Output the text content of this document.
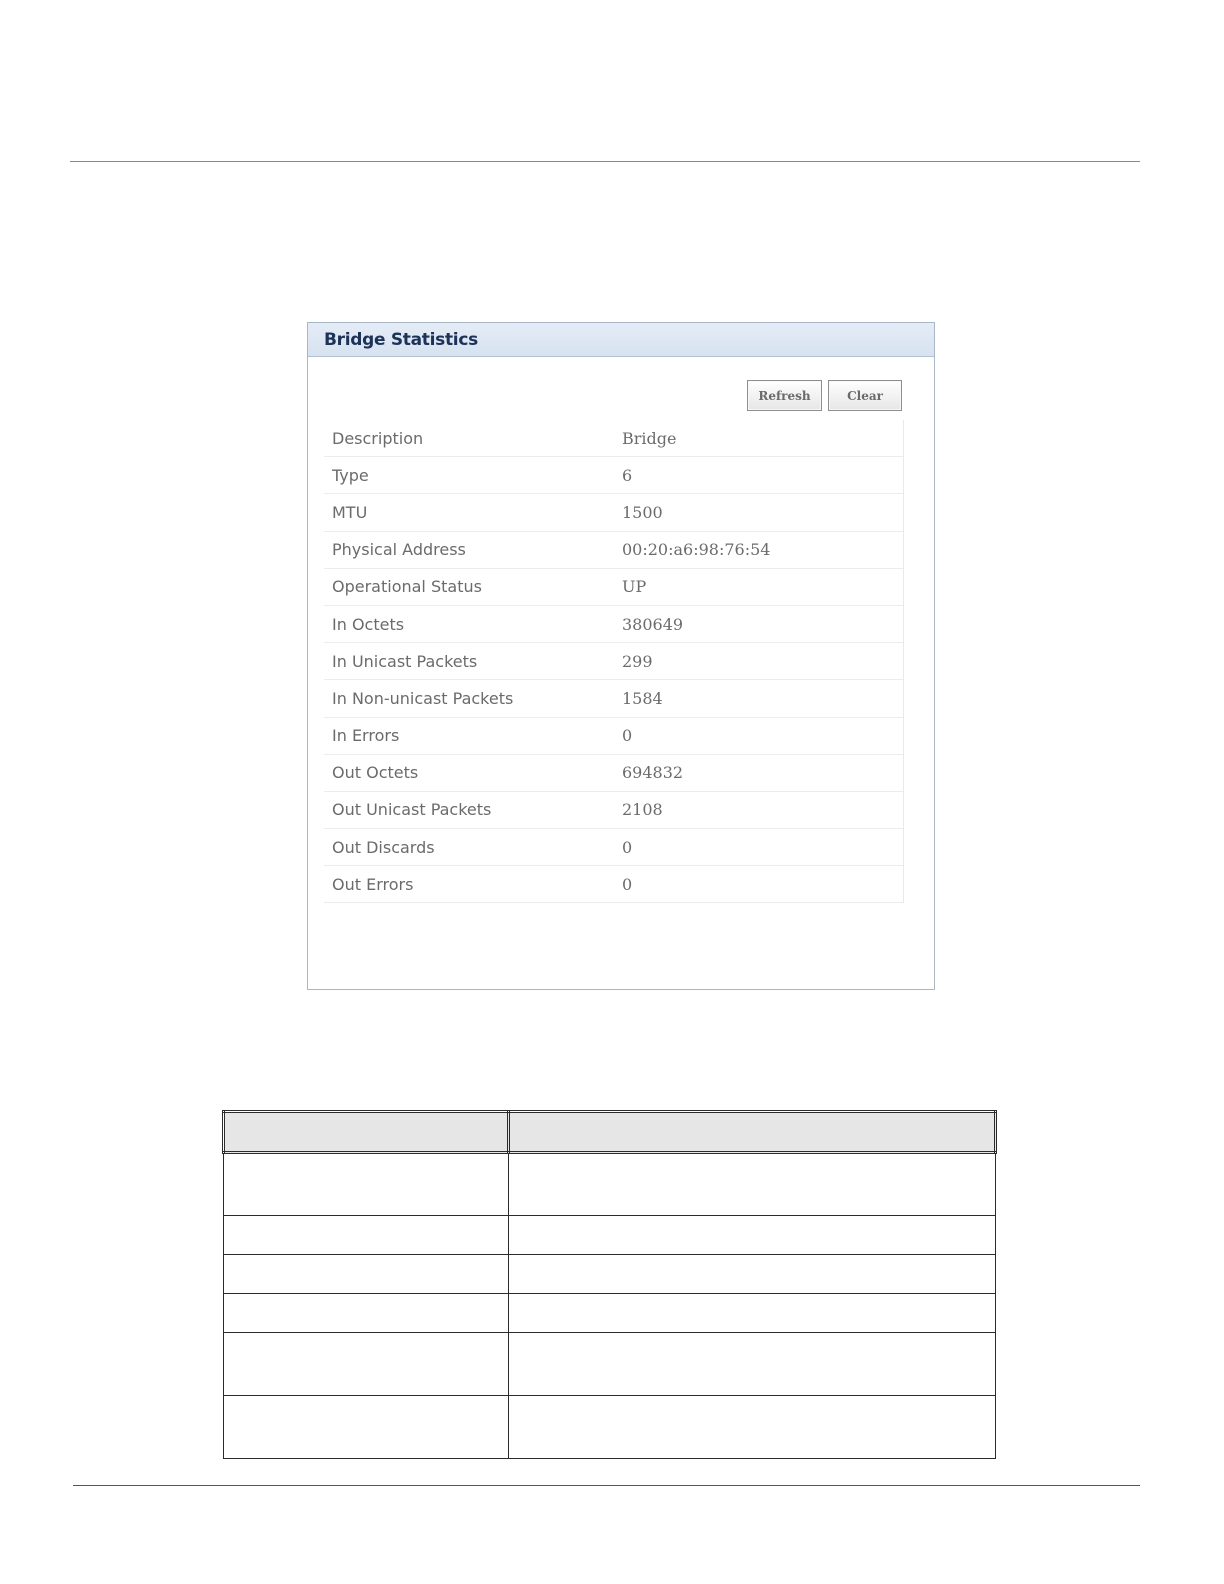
Bridge Statistics
Refresh	Clear
Description	Bridge
Type	6
MTU	1500
Physical Address	00:20:a6:98:76:54
Operational Status	UP
In Octets	380649
In Unicast Packets	299
In Non-unicast Packets	1584
In Errors	0
Out Octets	694832
Out Unicast Packets	2108
Out Discards	0
Out Errors	0
